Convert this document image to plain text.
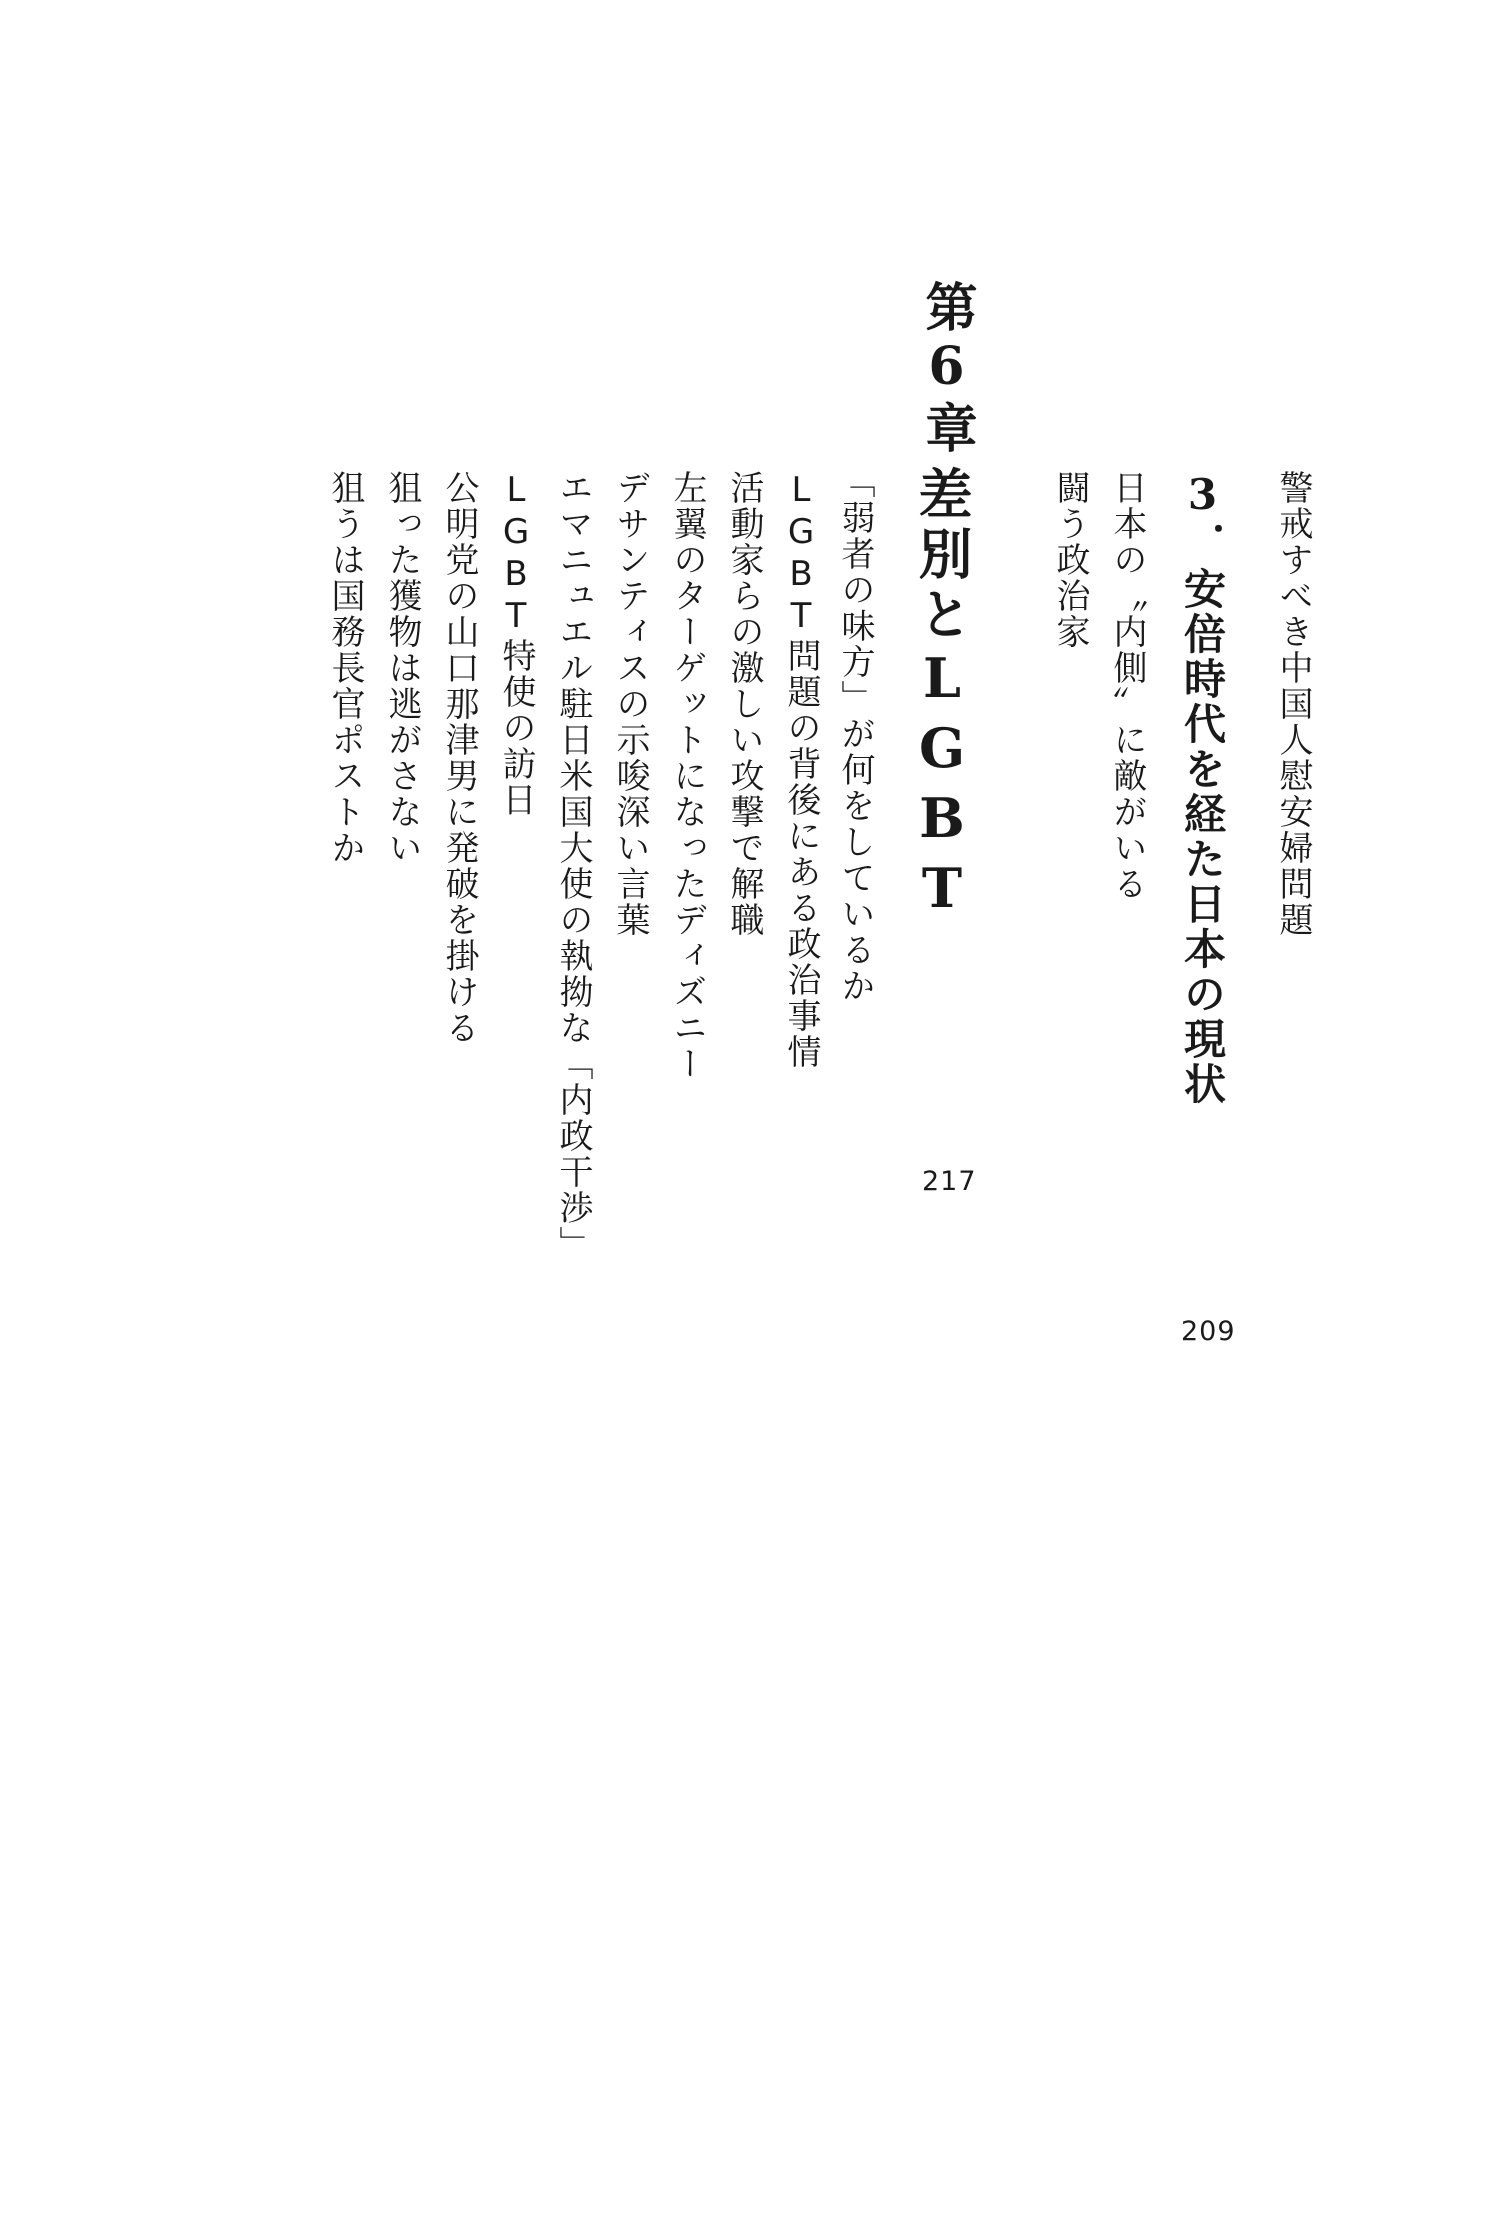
警戒すべき中国人慰安婦問題
3．安倍時代を経た日本の現状
日本の〝内側〟に敵がいる
闘う政治家
209
第6章
差別とLGBT
217
「弱者の味方」が何をしているか
LGBT問題の背後にある政治事情
活動家らの激しい攻撃で解職
左翼のターゲットになったディズニー
デサンティスの示唆深い言葉
エマニュエル駐日米国大使の執拗な「内政干渉」
LGBT特使の訪日
公明党の山口那津男に発破を掛ける
狙った獲物は逃がさない
狙うは国務長官ポストか
